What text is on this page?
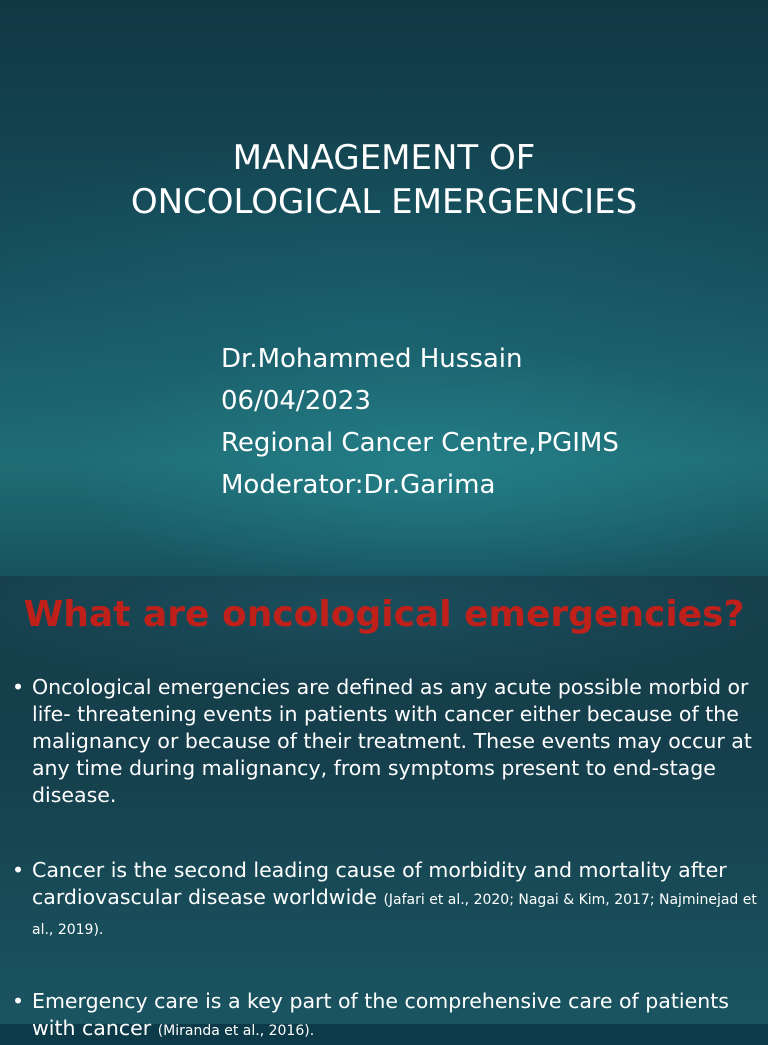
MANAGEMENT OF
ONCOLOGICAL EMERGENCIES
Dr.Mohammed Hussain
06/04/2023
Regional Cancer Centre,PGIMS
Moderator:Dr.Garima
What are oncological emergencies?
• Oncological emergencies are defined as any acute possible morbid or life- threatening events in patients with cancer either because of the malignancy or because of their treatment. These events may occur at any time during malignancy, from symptoms present to end-stage disease.
• Cancer is the second leading cause of morbidity and mortality after cardiovascular disease worldwide (Jafari et al., 2020; Nagai & Kim, 2017; Najminejad et al., 2019).
• Emergency care is a key part of the comprehensive care of patients with cancer (Miranda et al., 2016).
